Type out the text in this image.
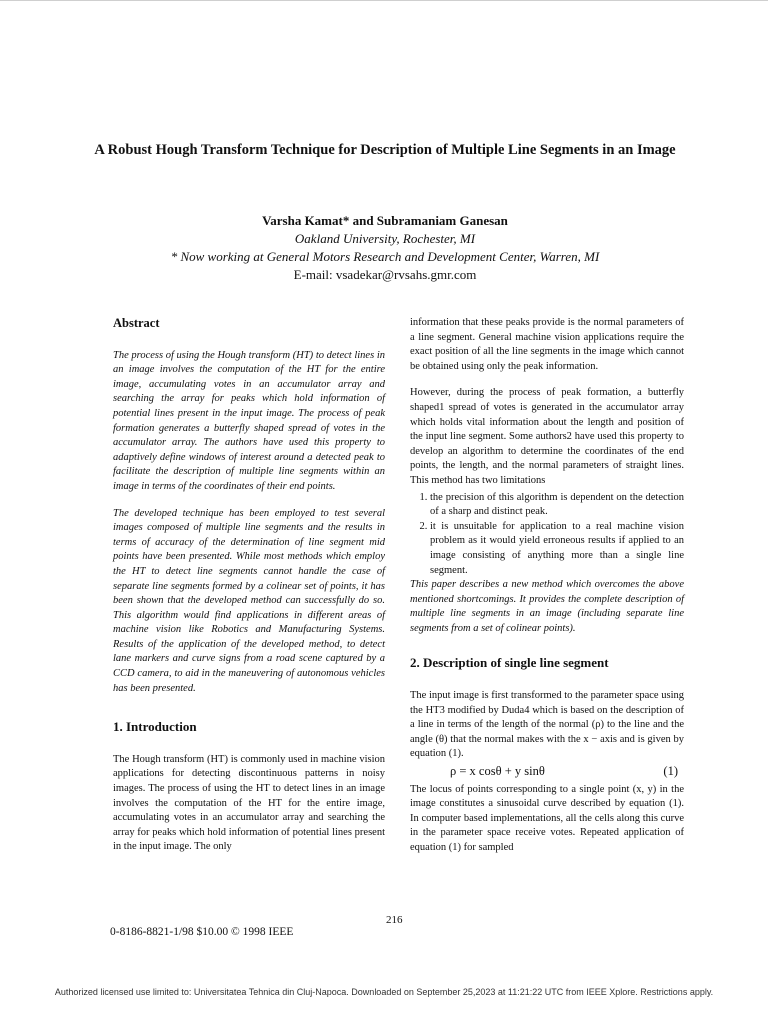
A Robust Hough Transform Technique for Description of Multiple Line Segments in an Image
Varsha Kamat* and Subramaniam Ganesan
Oakland University, Rochester, MI
* Now working at General Motors Research and Development Center, Warren, MI
E-mail: vsadekar@rvsahs.gmr.com
Abstract

The process of using the Hough transform (HT) to detect lines in an image involves the computation of the HT for the entire image, accumulating votes in an accumulator array and searching the array for peaks which hold information of potential lines present in the input image. The process of peak formation generates a butterfly shaped spread of votes in the accumulator array. The authors have used this property to adaptively define windows of interest around a detected peak to facilitate the description of multiple line segments within an image in terms of the coordinates of their end points.

The developed technique has been employed to test several images composed of multiple line segments and the results in terms of accuracy of the determination of line segment mid points have been presented. While most methods which employ the HT to detect line segments cannot handle the case of separate line segments formed by a colinear set of points, it has been shown that the developed method can successfully do so. This algorithm would find applications in different areas of machine vision like Robotics and Manufacturing Systems. Results of the application of the developed method, to detect lane markers and curve signs from a road scene captured by a CCD camera, to aid in the maneuvering of autonomous vehicles has been presented.

1. Introduction

The Hough transform (HT) is commonly used in machine vision applications for detecting discontinuous patterns in noisy images. The process of using the HT to detect lines in an image involves the computation of the HT for the entire image, accumulating votes in an accumulator array and searching the array for peaks which hold information of potential lines present in the input image. The only

information that these peaks provide is the normal parameters of a line segment. General machine vision applications require the exact position of all the line segments in the image which cannot be obtained using only the peak information.

However, during the process of peak formation, a butterfly shaped1 spread of votes is generated in the accumulator array which holds vital information about the length and position of the input line segment. Some authors2 have used this property to develop an algorithm to determine the coordinates of the end points, the length, and the normal parameters of straight lines. This method has two limitations

1. the precision of this algorithm is dependent on the detection of a sharp and distinct peak.
2. it is unsuitable for application to a real machine vision problem as it would yield erroneous results if applied to an image consisting of anything more than a single line segment.

This paper describes a new method which overcomes the above mentioned shortcomings. It provides the complete description of multiple line segments in an image (including separate line segments from a set of colinear points).

2. Description of single line segment

The input image is first transformed to the parameter space using the HT3 modified by Duda4 which is based on the description of a line in terms of the length of the normal (ρ) to the line and the angle (θ) that the normal makes with the x − axis and is given by equation (1).

ρ = x cosθ + y sinθ	(1)

The locus of points corresponding to a single point (x, y) in the image constitutes a sinusoidal curve described by equation (1). In computer based implementations, all the cells along this curve in the parameter space receive votes. Repeated application of equation (1) for sampled

216
0-8186-8821-1/98 $10.00 © 1998 IEEE
Authorized licensed use limited to: Universitatea Tehnica din Cluj-Napoca. Downloaded on September 25,2023 at 11:21:22 UTC from IEEE Xplore. Restrictions apply.
